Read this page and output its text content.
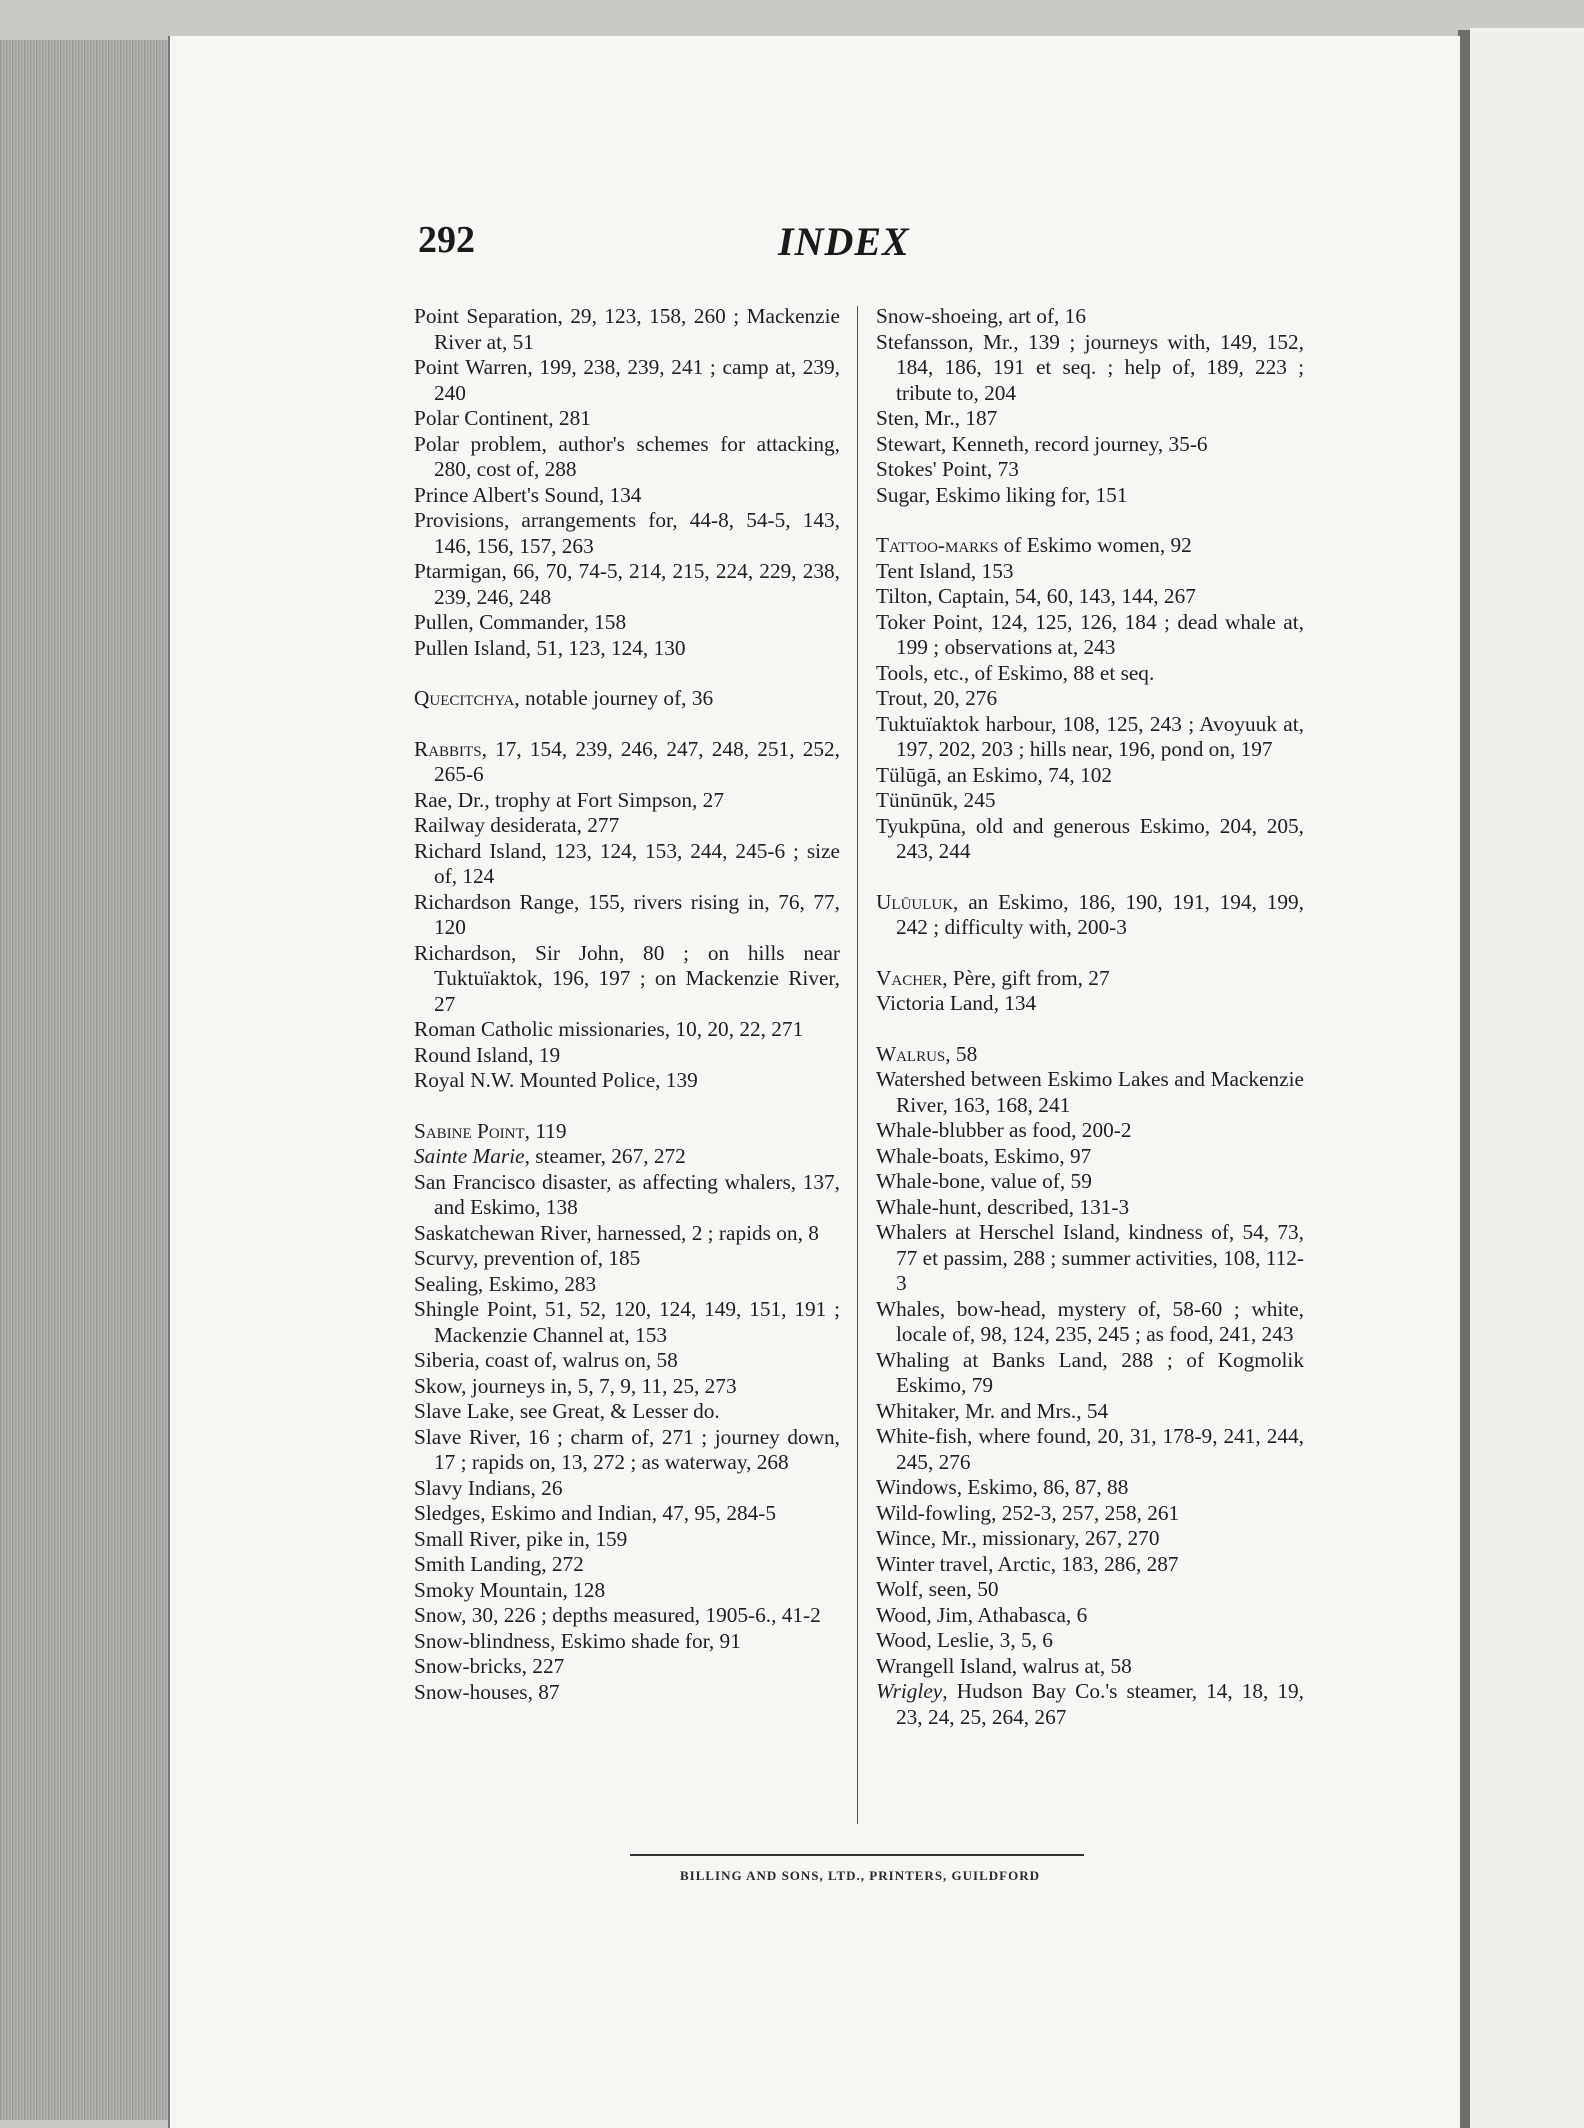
292	INDEX

Point Separation, 29, 123, 158, 260 ; Mackenzie River at, 51

Point Warren, 199, 238, 239, 241 ; camp at, 239, 240

Polar Continent, 281

Polar problem, author's schemes for attacking, 280, cost of, 288

Prince Albert's Sound, 134

Provisions, arrangements for, 44-8, 54-5, 143, 146, 156, 157, 263

Ptarmigan, 66, 70, 74-5, 214, 215, 224, 229, 238, 239, 246, 248

Pullen, Commander, 158

Pullen Island, 51, 123, 124, 130

Quecitchya, notable journey of, 36

Rabbits, 17, 154, 239, 246, 247, 248, 251, 252, 265-6

Rae, Dr., trophy at Fort Simpson, 27

Railway desiderata, 277

Richard Island, 123, 124, 153, 244, 245-6 ; size of, 124

Richardson Range, 155, rivers rising in, 76, 77, 120

Richardson, Sir John, 80 ; on hills near Tuktuïaktok, 196, 197 ; on Mackenzie River, 27

Roman Catholic missionaries, 10, 20, 22, 271

Round Island, 19

Royal N.W. Mounted Police, 139

Sabine Point, 119

Sainte Marie, steamer, 267, 272

San Francisco disaster, as affecting whalers, 137, and Eskimo, 138

Saskatchewan River, harnessed, 2 ; rapids on, 8

Scurvy, prevention of, 185

Sealing, Eskimo, 283

Shingle Point, 51, 52, 120, 124, 149, 151, 191 ; Mackenzie Channel at, 153

Siberia, coast of, walrus on, 58

Skow, journeys in, 5, 7, 9, 11, 25, 273

Slave Lake, see Great, & Lesser do.

Slave River, 16 ; charm of, 271 ; journey down, 17 ; rapids on, 13, 272 ; as waterway, 268

Slavy Indians, 26

Sledges, Eskimo and Indian, 47, 95, 284-5

Small River, pike in, 159

Smith Landing, 272

Smoky Mountain, 128

Snow, 30, 226 ; depths measured, 1905-6., 41-2

Snow-blindness, Eskimo shade for, 91

Snow-bricks, 227

Snow-houses, 87

Snow-shoeing, art of, 16

Stefansson, Mr., 139 ; journeys with, 149, 152, 184, 186, 191 et seq. ; help of, 189, 223 ; tribute to, 204

Sten, Mr., 187

Stewart, Kenneth, record journey, 35-6

Stokes' Point, 73

Sugar, Eskimo liking for, 151

Tattoo-marks of Eskimo women, 92

Tent Island, 153

Tilton, Captain, 54, 60, 143, 144, 267

Toker Point, 124, 125, 126, 184 ; dead whale at, 199 ; observations at, 243

Tools, etc., of Eskimo, 88 et seq.

Trout, 20, 276

Tuktuïaktok harbour, 108, 125, 243 ; Avoyuuk at, 197, 202, 203 ; hills near, 196, pond on, 197

Tülūgā, an Eskimo, 74, 102

Tünūnūk, 245

Tyukpūna, old and generous Eskimo, 204, 205, 243, 244

Ulūuluk, an Eskimo, 186, 190, 191, 194, 199, 242 ; difficulty with, 200-3

Vacher, Père, gift from, 27

Victoria Land, 134

Walrus, 58

Watershed between Eskimo Lakes and Mackenzie River, 163, 168, 241

Whale-blubber as food, 200-2

Whale-boats, Eskimo, 97

Whale-bone, value of, 59

Whale-hunt, described, 131-3

Whalers at Herschel Island, kindness of, 54, 73, 77 et passim, 288 ; summer activities, 108, 112-3

Whales, bow-head, mystery of, 58-60 ; white, locale of, 98, 124, 235, 245 ; as food, 241, 243

Whaling at Banks Land, 288 ; of Kogmolik Eskimo, 79

Whitaker, Mr. and Mrs., 54

White-fish, where found, 20, 31, 178-9, 241, 244, 245, 276

Windows, Eskimo, 86, 87, 88

Wild-fowling, 252-3, 257, 258, 261

Wince, Mr., missionary, 267, 270

Winter travel, Arctic, 183, 286, 287

Wolf, seen, 50

Wood, Jim, Athabasca, 6

Wood, Leslie, 3, 5, 6

Wrangell Island, walrus at, 58

Wrigley, Hudson Bay Co.'s steamer, 14, 18, 19, 23, 24, 25, 264, 267

BILLING AND SONS, LTD., PRINTERS, GUILDFORD
